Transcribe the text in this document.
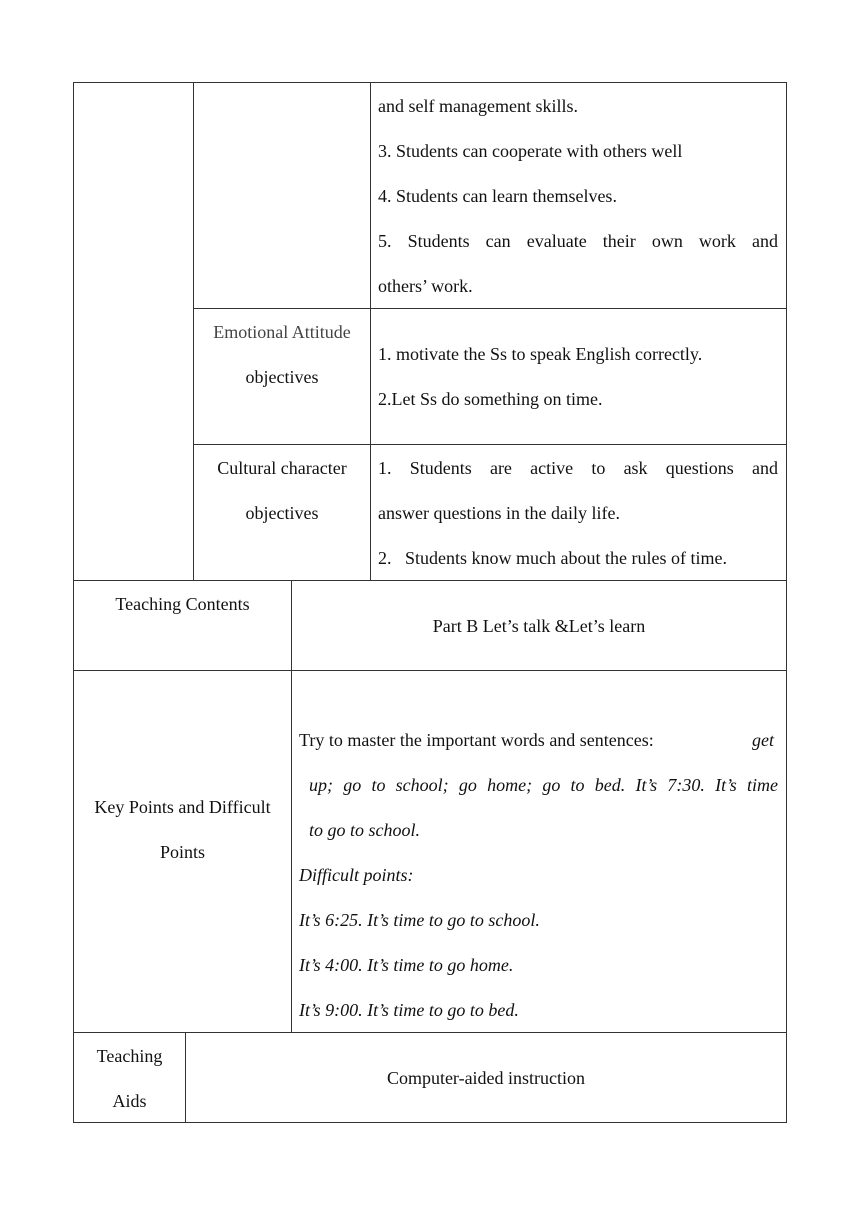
and self management skills.
3. Students can cooperate with others well
4. Students can learn themselves.
5. Students can evaluate their own work and
others’ work.
Emotional Attitude
objectives
1. motivate the Ss to speak English correctly.
2.Let Ss do something on time.
Cultural character
objectives
1. Students are active to ask questions and
answer questions in the daily life.
2.   Students know much about the rules of time.
Teaching Contents
Part B Let’s talk &Let’s learn
Key Points and Difficult
Points
Try to master the important words and sentences:	get
up; go to school; go home; go to bed. It’s 7:30. It’s time
to go to school.
Difficult points:
It’s 6:25. It’s time to go to school.
It’s 4:00. It’s time to go home.
It’s 9:00. It’s time to go to bed.
Teaching
Aids
Computer-aided instruction
